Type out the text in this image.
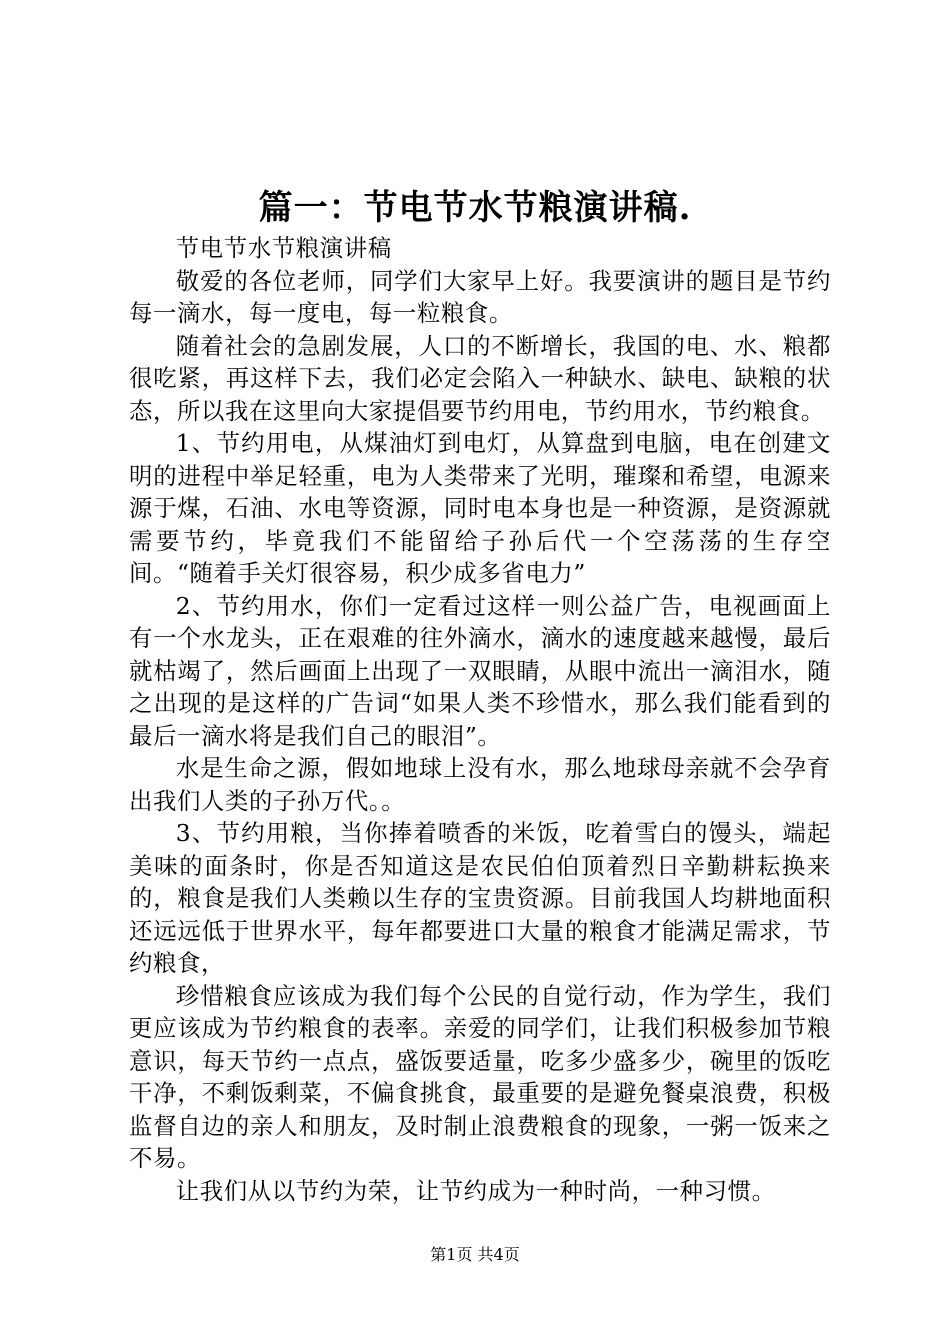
篇一：节电节水节粮演讲稿.

节电节水节粮演讲稿

敬爱的各位老师，同学们大家早上好。我要演讲的题目是节约每一滴水，每一度电，每一粒粮食。

随着社会的急剧发展，人口的不断增长，我国的电、水、粮都很吃紧，再这样下去，我们必定会陷入一种缺水、缺电、缺粮的状态，所以我在这里向大家提倡要节约用电，节约用水，节约粮食。

1、节约用电，从煤油灯到电灯，从算盘到电脑，电在创建文明的进程中举足轻重，电为人类带来了光明，璀璨和希望，电源来源于煤，石油、水电等资源，同时电本身也是一种资源，是资源就需要节约，毕竟我们不能留给子孙后代一个空荡荡的生存空间。“随着手关灯很容易，积少成多省电力”

2、节约用水，你们一定看过这样一则公益广告，电视画面上有一个水龙头，正在艰难的往外滴水，滴水的速度越来越慢，最后就枯竭了，然后画面上出现了一双眼睛，从眼中流出一滴泪水，随之出现的是这样的广告词“如果人类不珍惜水，那么我们能看到的最后一滴水将是我们自己的眼泪”。

水是生命之源，假如地球上没有水，那么地球母亲就不会孕育出我们人类的子孙万代。。

3、节约用粮，当你捧着喷香的米饭，吃着雪白的馒头，端起美味的面条时，你是否知道这是农民伯伯顶着烈日辛勤耕耘换来的，粮食是我们人类赖以生存的宝贵资源。目前我国人均耕地面积还远远低于世界水平，每年都要进口大量的粮食才能满足需求，节约粮食，

珍惜粮食应该成为我们每个公民的自觉行动，作为学生，我们更应该成为节约粮食的表率。亲爱的同学们，让我们积极参加节粮意识，每天节约一点点，盛饭要适量，吃多少盛多少，碗里的饭吃干净，不剩饭剩菜，不偏食挑食，最重要的是避免餐桌浪费，积极监督自边的亲人和朋友，及时制止浪费粮食的现象，一粥一饭来之不易。

让我们从以节约为荣，让节约成为一种时尚，一种习惯。

第1页 共4页
